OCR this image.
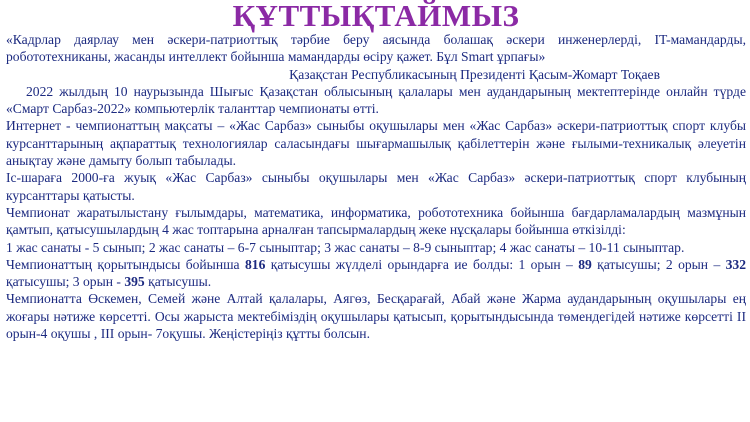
ҚҰТТЫҚТАЙМЫЗ

«Кадрлар даярлау мен әскери-патриоттық тәрбие беру аясында болашақ әскери инженерлерді, IT-мамандарды, робототехниканы, жасанды интеллект бойынша мамандарды өсіру қажет. Бұл Smart ұрпағы»

Қазақстан Республикасының Президенті Қасым-Жомарт Тоқаев

2022 жылдың 10 наурызында Шығыс Қазақстан облысының қалалары мен аудандарының мектептерінде онлайн түрде «Смарт Сарбаз-2022» компьютерлік таланттар чемпионаты өтті.

Интернет - чемпионаттың мақсаты – «Жас Сарбаз» сыныбы оқушылары мен «Жас Сарбаз» әскери-патриоттық спорт клубы курсанттарының ақпараттық технологиялар саласындағы шығармашылық қабілеттерін және ғылыми-техникалық әлеуетін анықтау және дамыту болып табылады.

Іс-шараға 2000-ға жуық «Жас Сарбаз» сыныбы оқушылары мен «Жас Сарбаз» әскери-патриоттық спорт клубының курсанттары қатысты.

Чемпионат жаратылыстану ғылымдары, математика, информатика, робототехника бойынша бағдарламалардың мазмұнын қамтып, қатысушылардың 4 жас топтарына арналған тапсырмалардың жеке нұсқалары бойынша өткізілді:

1 жас санаты - 5 сынып; 2 жас санаты – 6-7 сыныптар; 3 жас санаты – 8-9 сыныптар; 4 жас санаты – 10-11 сыныптар.

Чемпионаттың қорытындысы бойынша 816 қатысушы жүлделі орындарға ие болды: 1 орын – 89 қатысушы; 2 орын – 332 қатысушы; 3 орын - 395 қатысушы.

Чемпионатта Өскемен, Семей және Алтай қалалары, Аягөз, Бесқарағай, Абай және Жарма аудандарының оқушылары ең жоғары нәтиже көрсетті. Осы жарыста мектебіміздің оқушылары қатысып, қорытындысында төмендегідей нәтиже көрсетті ІІ орын-4 оқушы , ІІІ орын- 7оқушы. Жеңістеріңіз құтты болсын.
